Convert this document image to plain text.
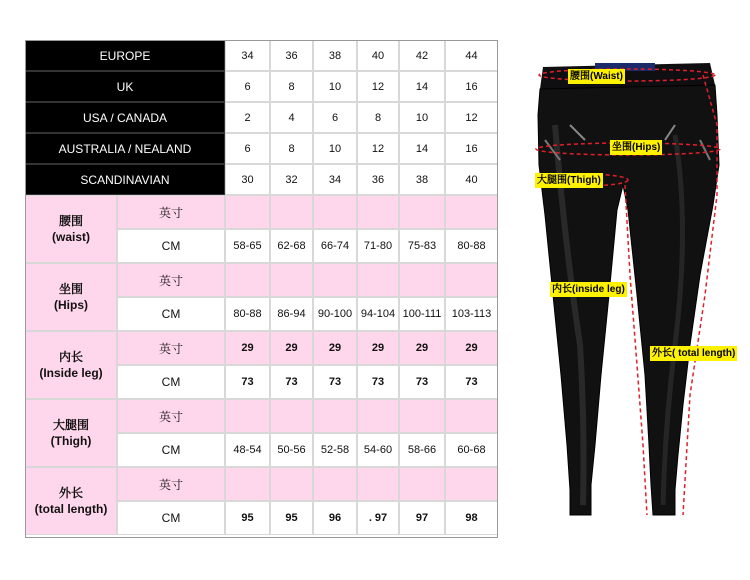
EUROPE	34	36	38	40	42	44
UK	6	8	10	12	14	16
USA / CANADA	2	4	6	8	10	12
AUSTRALIA / NEALAND	6	8	10	12	14	16
SCANDINAVIAN	30	32	34	36	38	40
腰围
(waist)
英寸
CM	58-65	62-68	66-74	71-80	75-83	80-88
坐围
(Hips)
英寸
CM	80-88	86-94	90-100 94-104 100-111 103-113
内长
(Inside leg)
英寸	29	29	29	29	29	29
CM	73	73	73	73	73	73
大腿围
(Thigh)
英寸
CM	48-54	50-56	52-58	54-60	58-66	60-68
外长
(total length)
英寸
CM	95	95	96	. 97	97	98
腰围(Waist)
坐围(Hips)
大腿围(Thigh)
内长(inside leg)
外长( total length)
